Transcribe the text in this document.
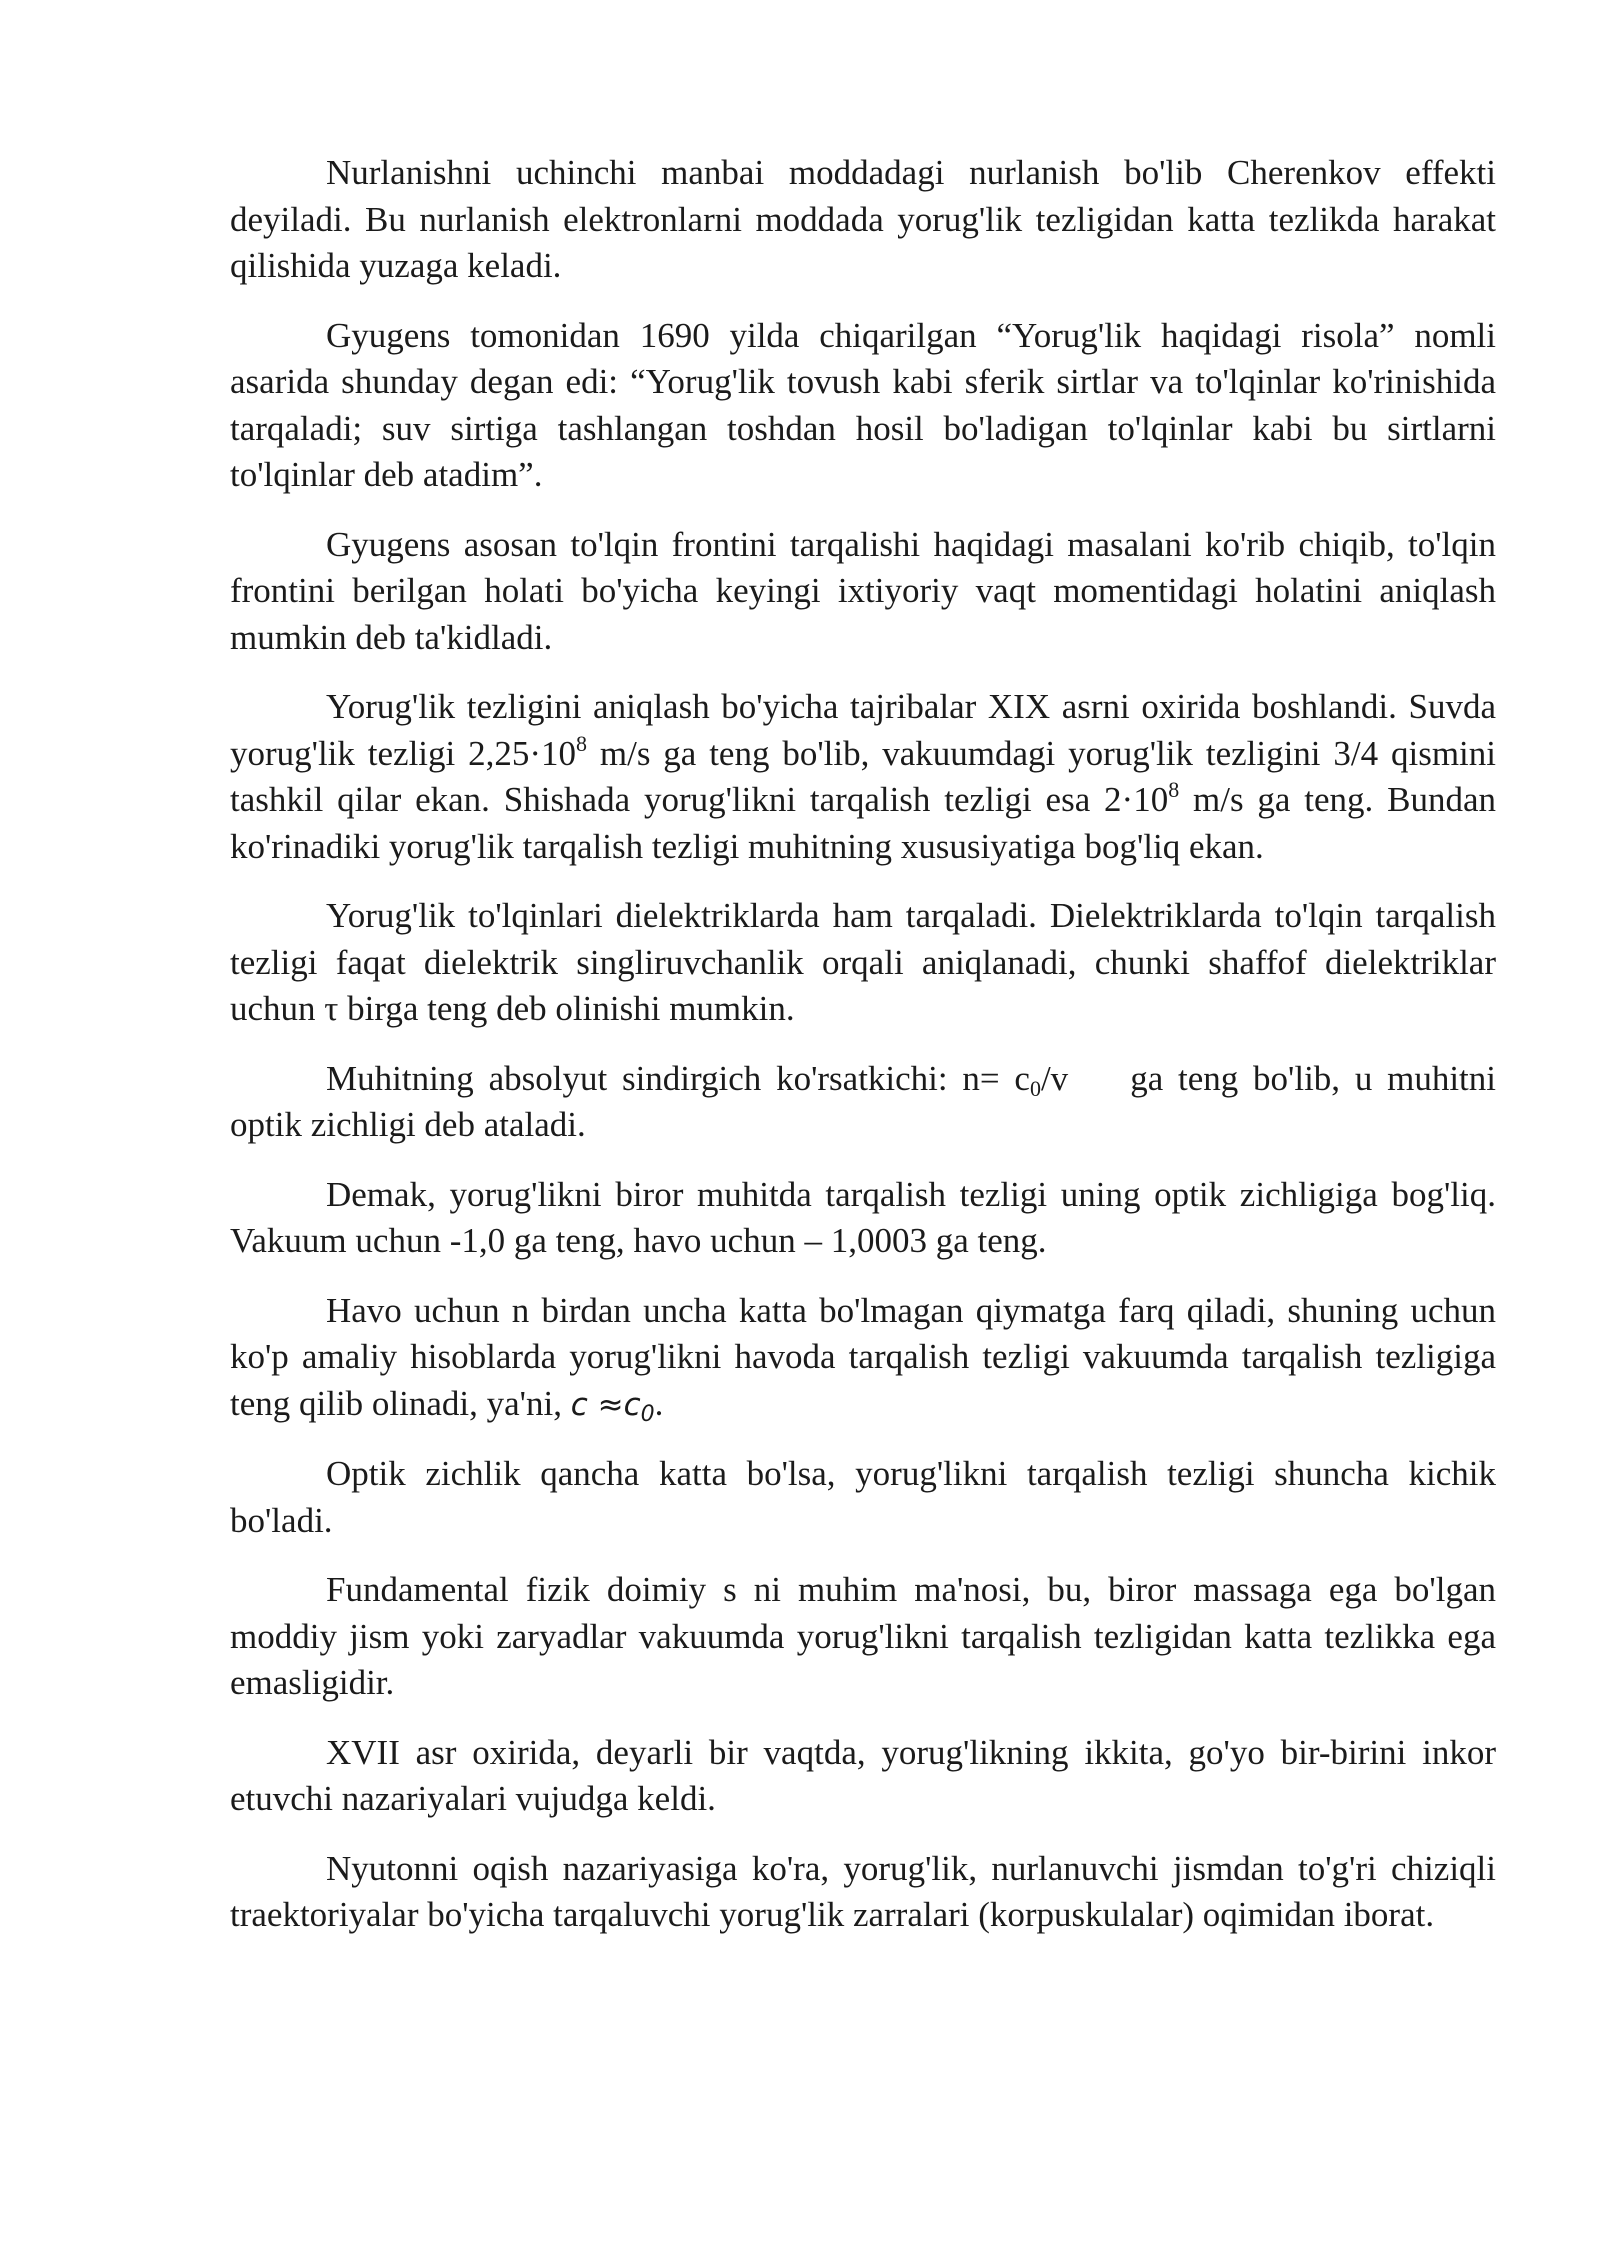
Nurlanishni uchinchi manbai moddadagi nurlanish bo'lib Cherenkov effekti deyiladi. Bu nurlanish elektronlarni moddada yorug'lik tezligidan katta tezlikda harakat qilishida yuzaga keladi.

Gyugens tomonidan 1690 yilda chiqarilgan “Yorug'lik haqidagi risola” nomli asarida shunday degan edi: “Yorug'lik tovush kabi sferik sirtlar va to'lqinlar ko'rinishida tarqaladi; suv sirtiga tashlangan toshdan hosil bo'ladigan to'lqinlar kabi bu sirtlarni to'lqinlar deb atadim”.

Gyugens asosan to'lqin frontini tarqalishi haqidagi masalani ko'rib chiqib, to'lqin frontini berilgan holati bo'yicha keyingi ixtiyoriy vaqt momentidagi holatini aniqlash mumkin deb ta'kidladi.

Yorug'lik tezligini aniqlash bo'yicha tajribalar XIX asrni oxirida boshlandi. Suvda yorug'lik tezligi $2,25\cdot 10^8$ m/s ga teng bo'lib, vakuumdagi yorug'lik tezligini 3/4 qismini tashkil qilar ekan. Shishada yorug'likni tarqalish tezligi esa $2\cdot 10^8$ m/s ga teng. Bundan ko'rinadiki yorug'lik tarqalish tezligi muhitning xususiyatiga bog'liq ekan.

Yorug'lik to'lqinlari dielektriklarda ham tarqaladi. Dielektriklarda to'lqin tarqalish tezligi faqat dielektrik singliruvchanlik orqali aniqlanadi, chunki shaffof dielektriklar uchun τ birga teng deb olinishi mumkin.

Muhitning absolyut sindirgich ko'rsatkichi: $n= c_0/v$ ga teng bo'lib, u muhitni optik zichligi deb ataladi.

Demak, yorug'likni biror muhitda tarqalish tezligi uning optik zichligiga bog'liq. Vakuum uchun -1,0 ga teng, havo uchun – 1,0003 ga teng.

Havo uchun n birdan uncha katta bo'lmagan qiymatga farq qiladi, shuning uchun ko'p amaliy hisoblarda yorug'likni havoda tarqalish tezligi vakuumda tarqalish tezligiga teng qilib olinadi, ya'ni, $c \approx c_0$.

Optik zichlik qancha katta bo'lsa, yorug'likni tarqalish tezligi shuncha kichik bo'ladi.

Fundamental fizik doimiy s ni muhim ma'nosi, bu, biror massaga ega bo'lgan moddiy jism yoki zaryadlar vakuumda yorug'likni tarqalish tezligidan katta tezlikka ega emasligidir.

XVII asr oxirida, deyarli bir vaqtda, yorug'likning ikkita, go'yo bir-birini inkor etuvchi nazariyalari vujudga keldi.

Nyutonni oqish nazariyasiga ko'ra, yorug'lik, nurlanuvchi jismdan to'g'ri chiziqli traektoriyalar bo'yicha tarqaluvchi yorug'lik zarralari (korpuskulalar) oqimidan iborat.
